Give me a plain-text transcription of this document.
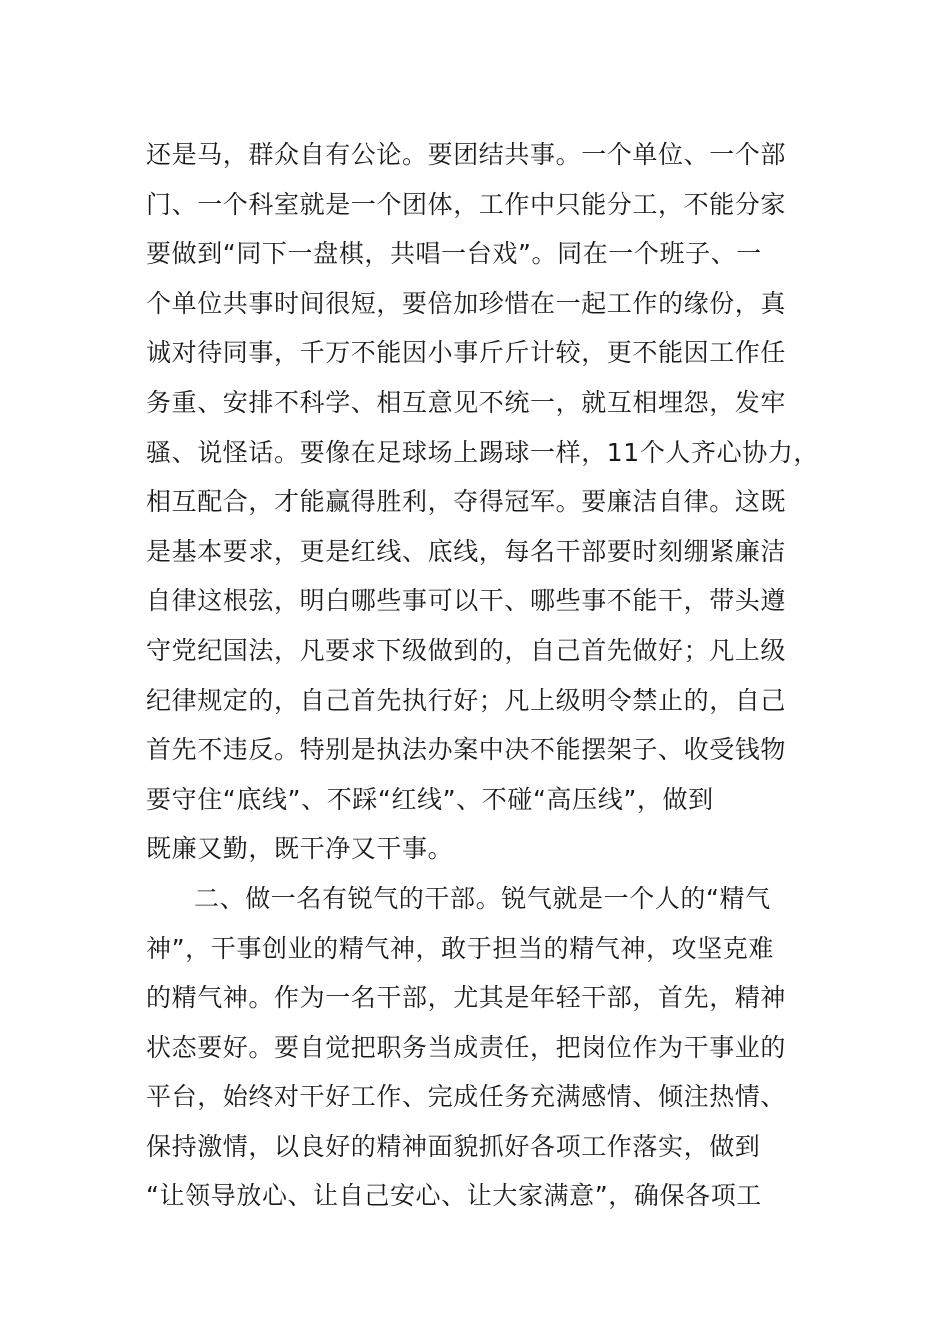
还是马，群众自有公论。要团结共事。一个单位、一个部
门、一个科室就是一个团体，工作中只能分工，不能分家
要做到“同下一盘棋，共唱一台戏”。同在一个班子、一
个单位共事时间很短，要倍加珍惜在一起工作的缘份，真
诚对待同事，千万不能因小事斤斤计较，更不能因工作任
务重、安排不科学、相互意见不统一，就互相埋怨，发牢
骚、说怪话。要像在足球场上踢球一样，11个人齐心协力，
相互配合，才能赢得胜利，夺得冠军。要廉洁自律。这既
是基本要求，更是红线、底线，每名干部要时刻绷紧廉洁
自律这根弦，明白哪些事可以干、哪些事不能干，带头遵
守党纪国法，凡要求下级做到的，自己首先做好；凡上级
纪律规定的，自己首先执行好；凡上级明令禁止的，自己
首先不违反。特别是执法办案中决不能摆架子、收受钱物
要守住“底线”、不踩“红线”、不碰“高压线”，做到
既廉又勤，既干净又干事。
二、做一名有锐气的干部。锐气就是一个人的“精气
神”，干事创业的精气神，敢于担当的精气神，攻坚克难
的精气神。作为一名干部，尤其是年轻干部，首先，精神
状态要好。要自觉把职务当成责任，把岗位作为干事业的
平台，始终对干好工作、完成任务充满感情、倾注热情、
保持激情，以良好的精神面貌抓好各项工作落实，做到
“让领导放心、让自己安心、让大家满意”，确保各项工
